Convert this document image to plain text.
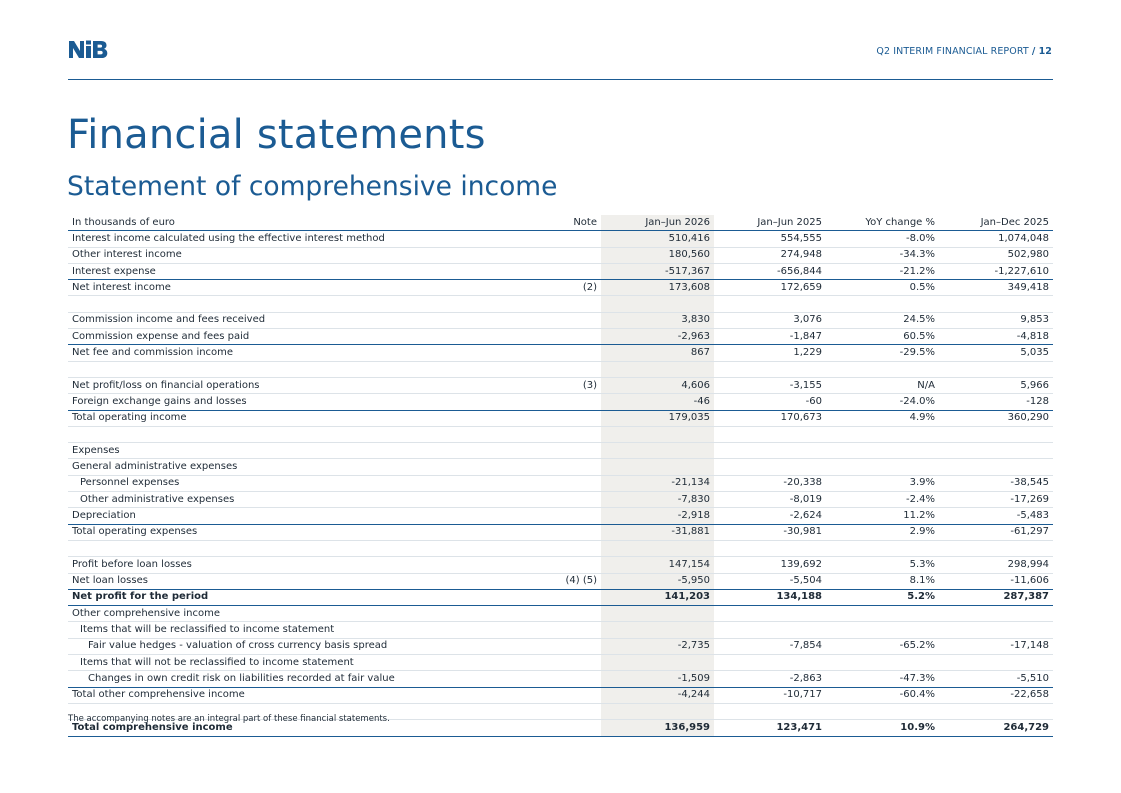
Q2 INTERIM FINANCIAL REPORT / 12
Financial statements
Statement of comprehensive income
In thousands of euro	Note	Jan–Jun 2026	Jan–Jun 2025	YoY change %	Jan–Dec 2025
Interest income calculated using the effective interest method		510,416	554,555	-8.0%	1,074,048
Other interest income		180,560	274,948	-34.3%	502,980
Interest expense		-517,367	-656,844	-21.2%	-1,227,610
Net interest income	(2)	173,608	172,659	0.5%	349,418

Commission income and fees received		3,830	3,076	24.5%	9,853
Commission expense and fees paid		-2,963	-1,847	60.5%	-4,818
Net fee and commission income		867	1,229	-29.5%	5,035

Net profit/loss on financial operations	(3)	4,606	-3,155	N/A	5,966
Foreign exchange gains and losses		-46	-60	-24.0%	-128
Total operating income		179,035	170,673	4.9%	360,290

Expenses					
General administrative expenses					
Personnel expenses		-21,134	-20,338	3.9%	-38,545
Other administrative expenses		-7,830	-8,019	-2.4%	-17,269
Depreciation		-2,918	-2,624	11.2%	-5,483
Total operating expenses		-31,881	-30,981	2.9%	-61,297

Profit before loan losses		147,154	139,692	5.3%	298,994
Net loan losses	(4) (5)	-5,950	-5,504	8.1%	-11,606
Net profit for the period		141,203	134,188	5.2%	287,387
Other comprehensive income					
Items that will be reclassified to income statement					
Fair value hedges - valuation of cross currency basis spread		-2,735	-7,854	-65.2%	-17,148
Items that will not be reclassified to income statement					
Changes in own credit risk on liabilities recorded at fair value		-1,509	-2,863	-47.3%	-5,510
Total other comprehensive income		-4,244	-10,717	-60.4%	-22,658

Total comprehensive income		136,959	123,471	10.9%	264,729
The accompanying notes are an integral part of these financial statements.
